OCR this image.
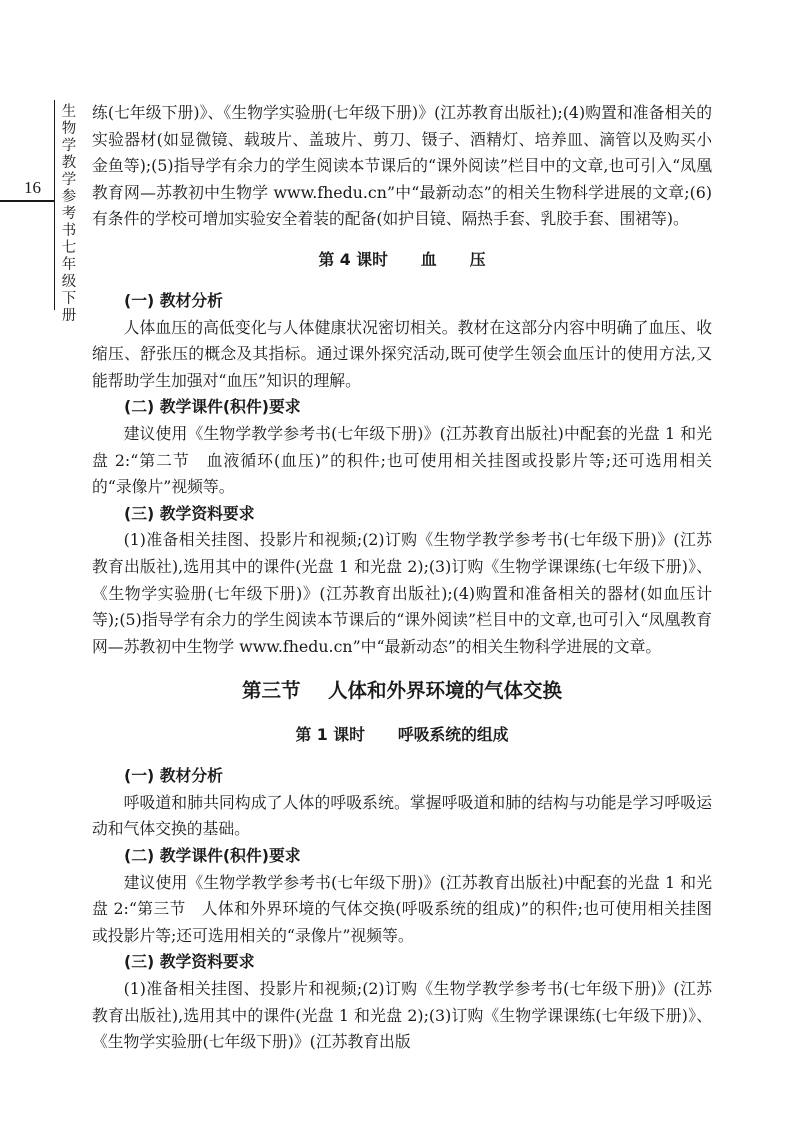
16
生物学教学参考书七年级下册

练(七年级下册)》、《生物学实验册(七年级下册)》(江苏教育出版社);(4)购置和准备相关的实验器材(如显微镜、载玻片、盖玻片、剪刀、镊子、酒精灯、培养皿、滴管以及购买小金鱼等);(5)指导学有余力的学生阅读本节课后的“课外阅读”栏目中的文章,也可引入“凤凰教育网—苏教初中生物学 www.fhedu.cn”中“最新动态”的相关生物科学进展的文章;(6)有条件的学校可增加实验安全着装的配备(如护目镜、隔热手套、乳胶手套、围裙等)。

第 4 课时 血 压
(一) 教材分析

人体血压的高低变化与人体健康状况密切相关。教材在这部分内容中明确了血压、收缩压、舒张压的概念及其指标。通过课外探究活动,既可使学生领会血压计的使用方法,又能帮助学生加强对“血压”知识的理解。

(二) 教学课件(积件)要求

建议使用《生物学教学参考书(七年级下册)》(江苏教育出版社)中配套的光盘 1 和光盘 2:“第二节　血液循环(血压)”的积件;也可使用相关挂图或投影片等;还可选用相关的“录像片”视频等。

(三) 教学资料要求

(1)准备相关挂图、投影片和视频;(2)订购《生物学教学参考书(七年级下册)》(江苏教育出版社),选用其中的课件(光盘 1 和光盘 2);(3)订购《生物学课课练(七年级下册)》、《生物学实验册(七年级下册)》(江苏教育出版社);(4)购置和准备相关的器材(如血压计等);(5)指导学有余力的学生阅读本节课后的“课外阅读”栏目中的文章,也可引入“凤凰教育网—苏教初中生物学 www.fhedu.cn”中“最新动态”的相关生物科学进展的文章。

第三节 人体和外界环境的气体交换
第 1 课时 呼吸系统的组成
(一) 教材分析

呼吸道和肺共同构成了人体的呼吸系统。掌握呼吸道和肺的结构与功能是学习呼吸运动和气体交换的基础。

(二) 教学课件(积件)要求

建议使用《生物学教学参考书(七年级下册)》(江苏教育出版社)中配套的光盘 1 和光盘 2:“第三节　人体和外界环境的气体交换(呼吸系统的组成)”的积件;也可使用相关挂图或投影片等;还可选用相关的“录像片”视频等。

(三) 教学资料要求

(1)准备相关挂图、投影片和视频;(2)订购《生物学教学参考书(七年级下册)》(江苏教育出版社),选用其中的课件(光盘 1 和光盘 2);(3)订购《生物学课课练(七年级下册)》、《生物学实验册(七年级下册)》(江苏教育出版
